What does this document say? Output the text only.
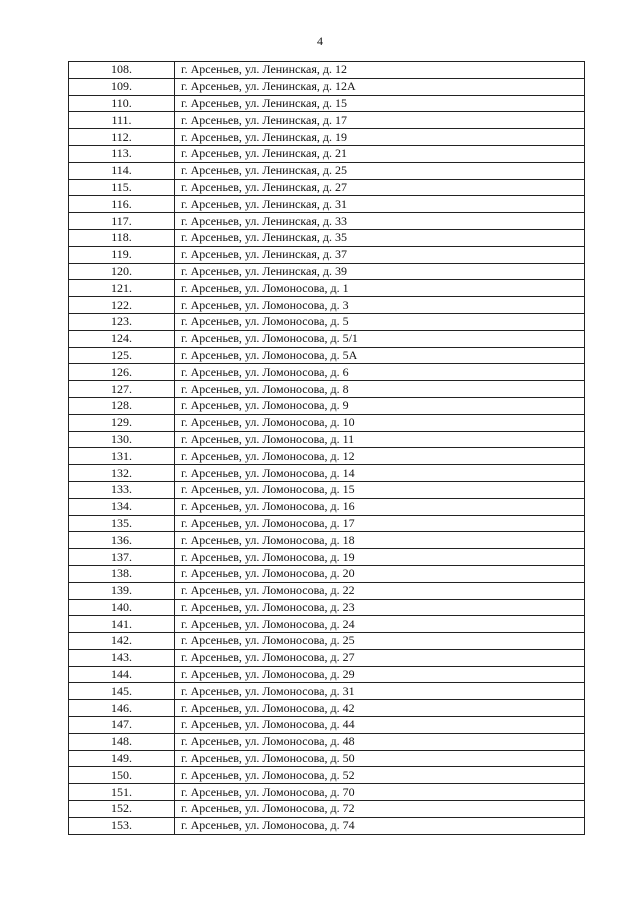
4
108.	г. Арсеньев, ул. Ленинская, д. 12
109.	г. Арсеньев, ул. Ленинская, д. 12А
110.	г. Арсеньев, ул. Ленинская, д. 15
111.	г. Арсеньев, ул. Ленинская, д. 17
112.	г. Арсеньев, ул. Ленинская, д. 19
113.	г. Арсеньев, ул. Ленинская, д. 21
114.	г. Арсеньев, ул. Ленинская, д. 25
115.	г. Арсеньев, ул. Ленинская, д. 27
116.	г. Арсеньев, ул. Ленинская, д. 31
117.	г. Арсеньев, ул. Ленинская, д. 33
118.	г. Арсеньев, ул. Ленинская, д. 35
119.	г. Арсеньев, ул. Ленинская, д. 37
120.	г. Арсеньев, ул. Ленинская, д. 39
121.	г. Арсеньев, ул. Ломоносова, д. 1
122.	г. Арсеньев, ул. Ломоносова, д. 3
123.	г. Арсеньев, ул. Ломоносова, д. 5
124.	г. Арсеньев, ул. Ломоносова, д. 5/1
125.	г. Арсеньев, ул. Ломоносова, д. 5А
126.	г. Арсеньев, ул. Ломоносова, д. 6
127.	г. Арсеньев, ул. Ломоносова, д. 8
128.	г. Арсеньев, ул. Ломоносова, д. 9
129.	г. Арсеньев, ул. Ломоносова, д. 10
130.	г. Арсеньев, ул. Ломоносова, д. 11
131.	г. Арсеньев, ул. Ломоносова, д. 12
132.	г. Арсеньев, ул. Ломоносова, д. 14
133.	г. Арсеньев, ул. Ломоносова, д. 15
134.	г. Арсеньев, ул. Ломоносова, д. 16
135.	г. Арсеньев, ул. Ломоносова, д. 17
136.	г. Арсеньев, ул. Ломоносова, д. 18
137.	г. Арсеньев, ул. Ломоносова, д. 19
138.	г. Арсеньев, ул. Ломоносова, д. 20
139.	г. Арсеньев, ул. Ломоносова, д. 22
140.	г. Арсеньев, ул. Ломоносова, д. 23
141.	г. Арсеньев, ул. Ломоносова, д. 24
142.	г. Арсеньев, ул. Ломоносова, д. 25
143.	г. Арсеньев, ул. Ломоносова, д. 27
144.	г. Арсеньев, ул. Ломоносова, д. 29
145.	г. Арсеньев, ул. Ломоносова, д. 31
146.	г. Арсеньев, ул. Ломоносова, д. 42
147.	г. Арсеньев, ул. Ломоносова, д. 44
148.	г. Арсеньев, ул. Ломоносова, д. 48
149.	г. Арсеньев, ул. Ломоносова, д. 50
150.	г. Арсеньев, ул. Ломоносова, д. 52
151.	г. Арсеньев, ул. Ломоносова, д. 70
152.	г. Арсеньев, ул. Ломоносова, д. 72
153.	г. Арсеньев, ул. Ломоносова, д. 74
